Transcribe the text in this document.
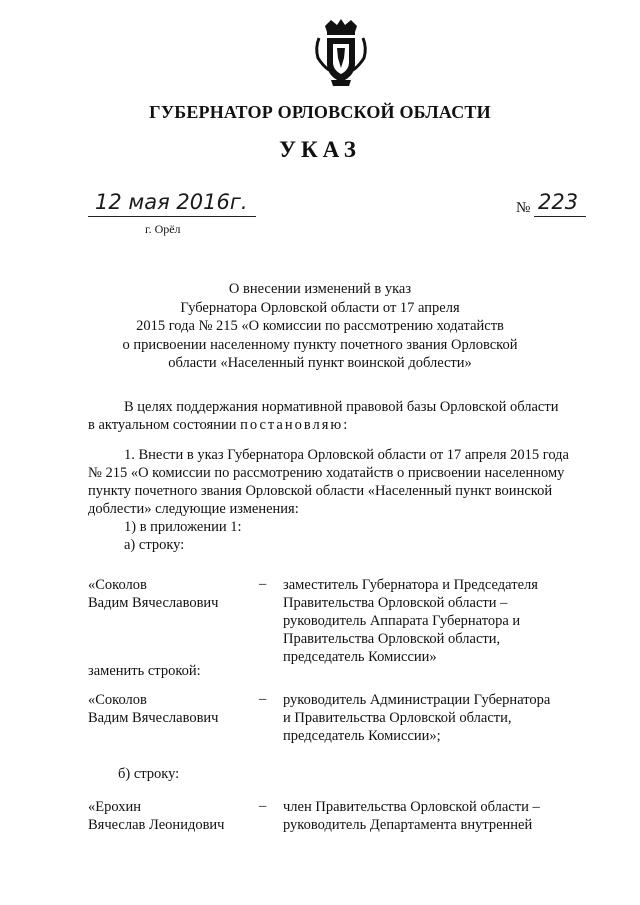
ГУБЕРНАТОР ОРЛОВСКОЙ ОБЛАСТИ
УКАЗ
12 мая 2016г.	№ 223
г. Орёл
О внесении изменений в указ
Губернатора Орловской области от 17 апреля
2015 года № 215 «О комиссии по рассмотрению ходатайств
о присвоении населенному пункту почетного звания Орловской
области «Населенный пункт воинской доблести»
В целях поддержания нормативной правовой базы Орловской области
в актуальном состоянии постановляю:
1. Внести в указ Губернатора Орловской области от 17 апреля 2015 года
№ 215 «О комиссии по рассмотрению ходатайств о присвоении населенному
пункту почетного звания Орловской области «Населенный пункт воинской
доблести» следующие изменения:
1) в приложении 1:
а) строку:
«Соколов
Вадим Вячеславович
– заместитель Губернатора и Председателя
Правительства Орловской области –
руководитель Аппарата Губернатора и
Правительства Орловской области,
председатель Комиссии»
заменить строкой:
«Соколов
Вадим Вячеславович
– руководитель Администрации Губернатора
и Правительства Орловской области,
председатель Комиссии»;
б) строку:
«Ерохин
Вячеслав Леонидович
– член Правительства Орловской области –
руководитель Департамента внутренней
